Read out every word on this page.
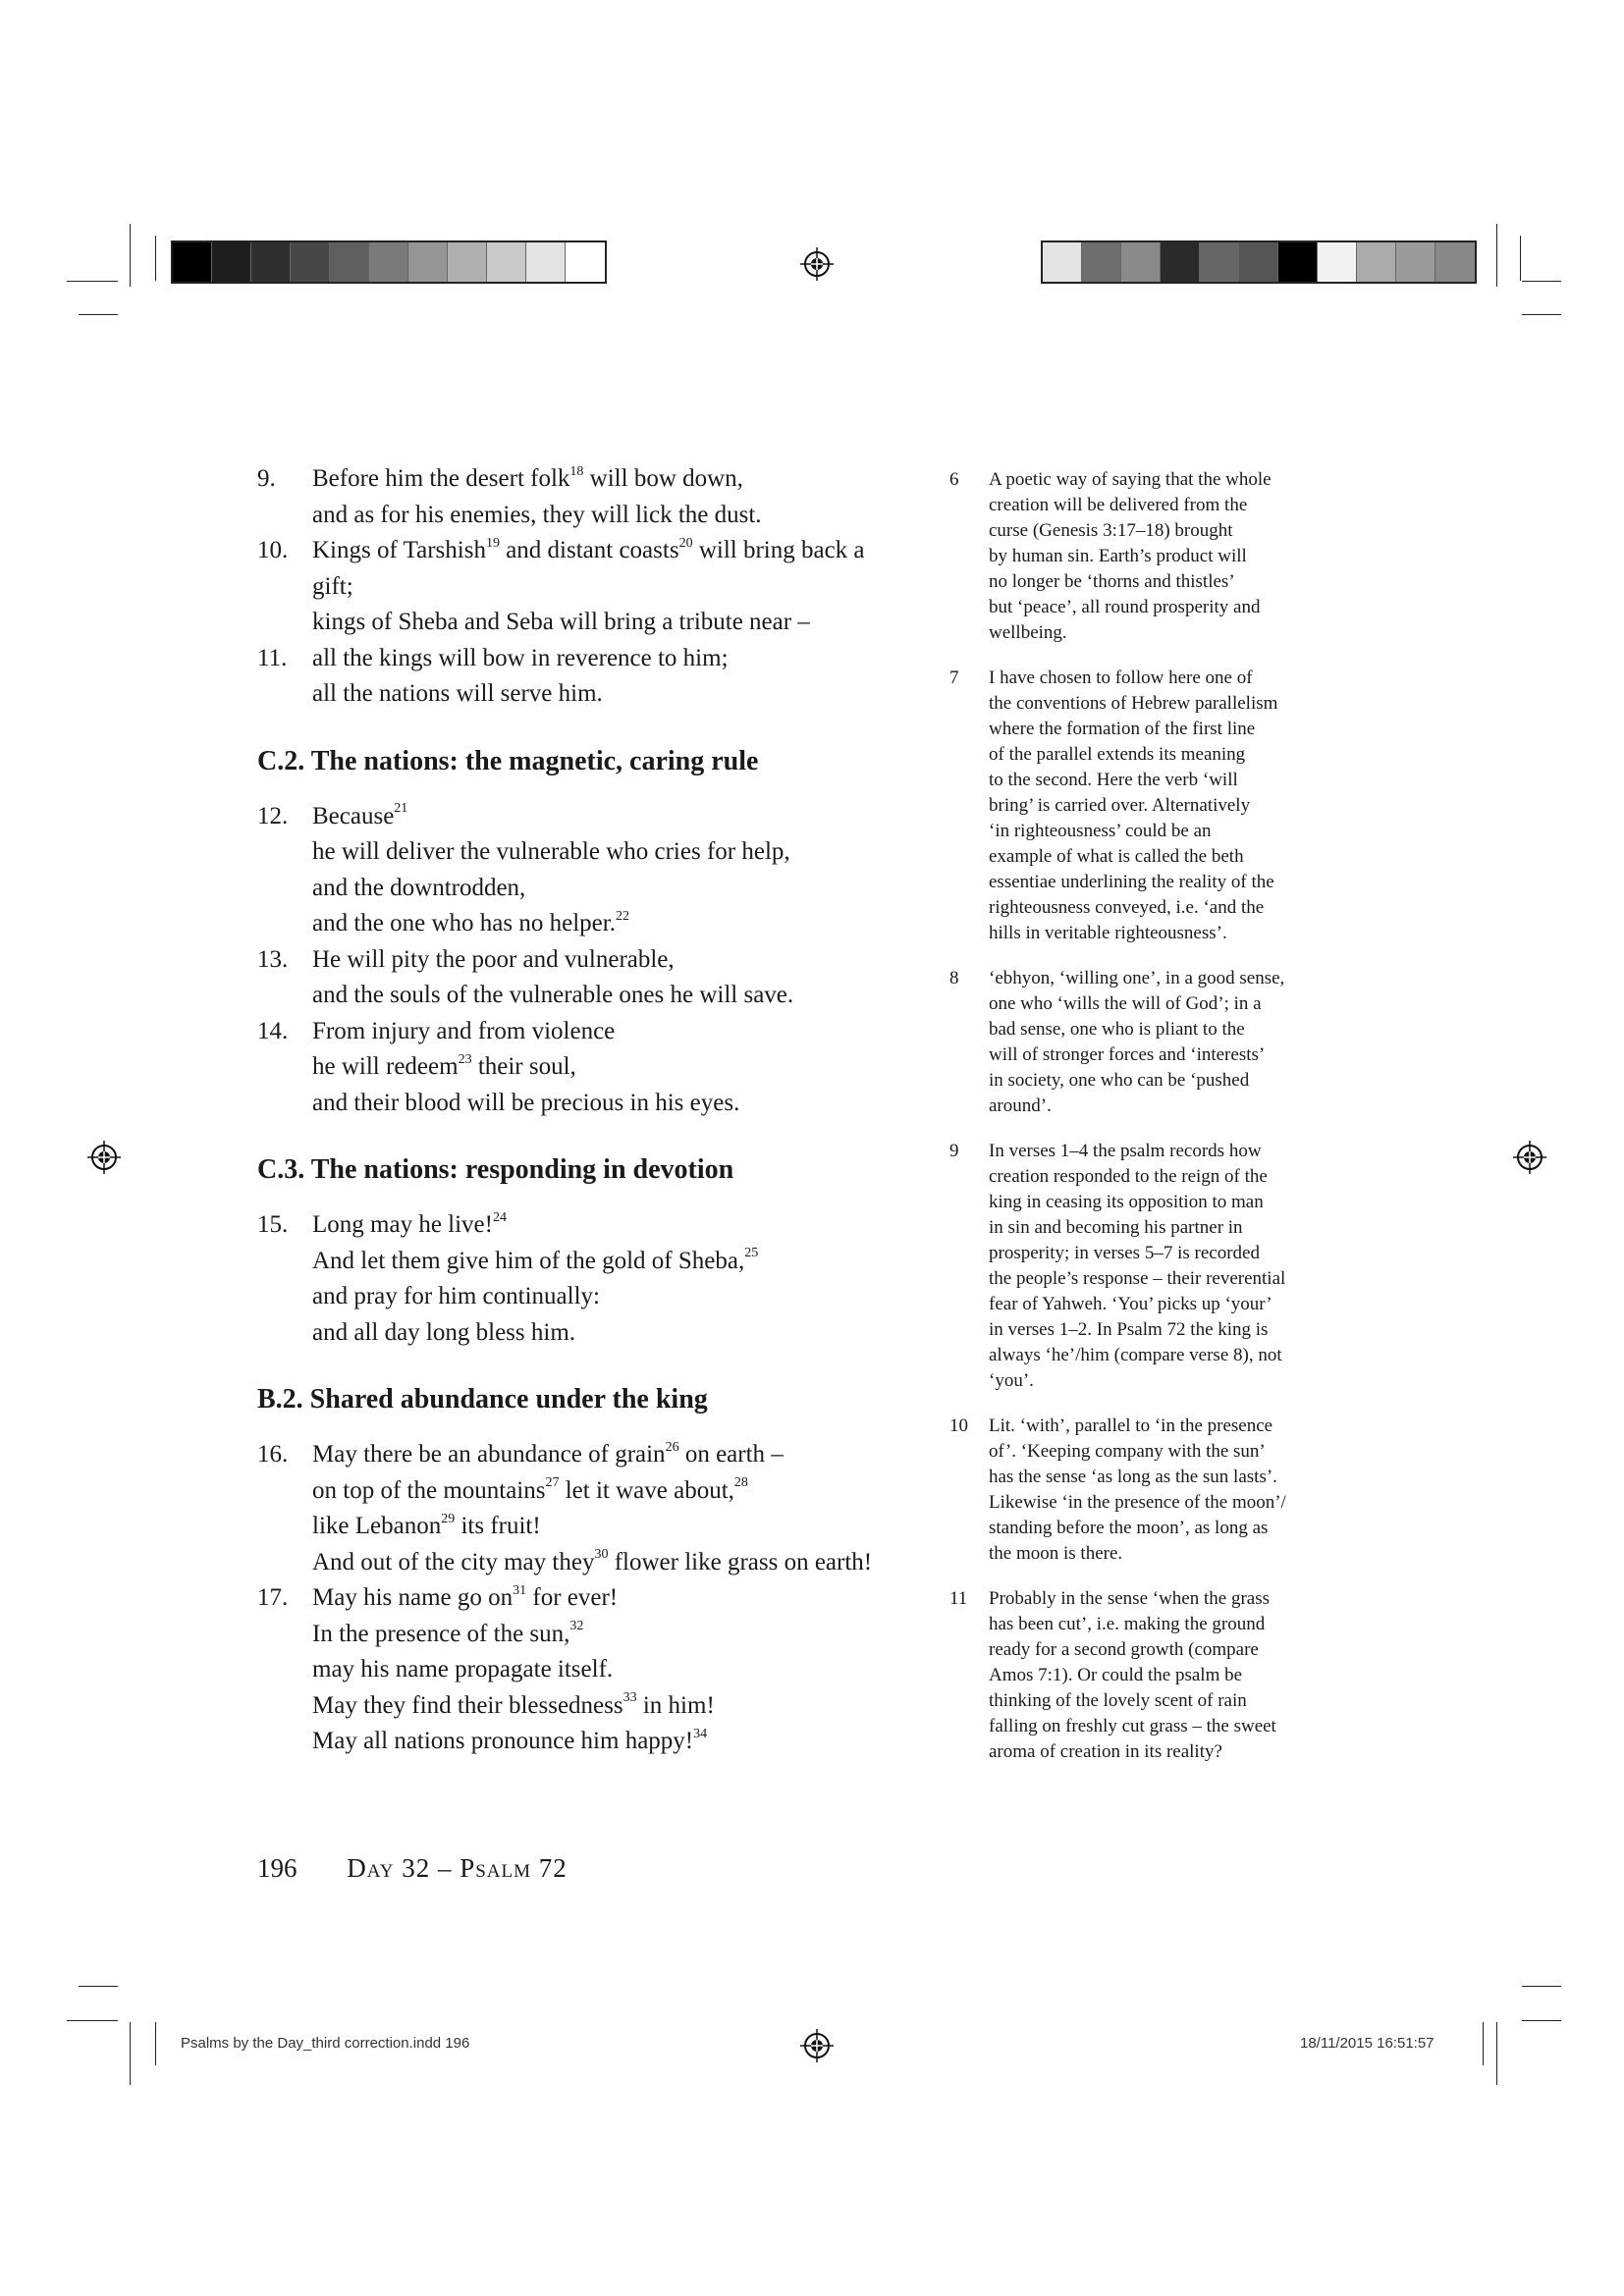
9. Before him the desert folk$^{18}$ will bow down,
and as for his enemies, they will lick the dust.
10. Kings of Tarshish$^{19}$ and distant coasts$^{20}$ will bring back a
gift;
kings of Sheba and Seba will bring a tribute near –
11. all the kings will bow in reverence to him;
all the nations will serve him.
C.2. The nations: the magnetic, caring rule
12. Because$^{21}$
he will deliver the vulnerable who cries for help,
and the downtrodden,
and the one who has no helper.$^{22}$
13. He will pity the poor and vulnerable,
and the souls of the vulnerable ones he will save.
14. From injury and from violence
he will redeem$^{23}$ their soul,
and their blood will be precious in his eyes.
C.3. The nations: responding in devotion
15. Long may he live!$^{24}$
And let them give him of the gold of Sheba,$^{25}$
and pray for him continually:
and all day long bless him.
B.2. Shared abundance under the king
16. May there be an abundance of grain$^{26}$ on earth –
on top of the mountains$^{27}$ let it wave about,$^{28}$
like Lebanon$^{29}$ its fruit!
And out of the city may they$^{30}$ flower like grass on earth!
17. May his name go $on^{31}$ for ever!
In the presence of the sun,$^{32}$
may his name propagate itself.
May they find their blessedness$^{33}$ in him!
May all nations pronounce him happy!$^{34}$
6 A poetic way of saying that the whole
creation will be delivered from the
curse (Genesis 3:17–18) brought
by human sin. Earth’s product will
no longer be ‘thorns and thistles’
but ‘peace’, all round prosperity and
wellbeing.
7 I have chosen to follow here one of
the conventions of Hebrew parallelism
where the formation of the first line
of the parallel extends its meaning
to the second. Here the verb ‘will
bring’ is carried over. Alternatively
‘in righteousness’ could be an
example of what is called the beth
essentiae underlining the reality of the
righteousness conveyed, i.e. ‘and the
hills in veritable righteousness’.
8 ‘ebhyon, ‘willing one’, in a good sense,
one who ‘wills the will of God’; in a
bad sense, one who is pliant to the
will of stronger forces and ‘interests’
in society, one who can be ‘pushed
around’.
9 In verses 1–4 the psalm records how
creation responded to the reign of the
king in ceasing its opposition to man
in sin and becoming his partner in
prosperity; in verses 5–7 is recorded
the people’s response – their reverential
fear of Yahweh. ‘You’ picks up ‘your’
in verses 1–2. In Psalm 72 the king is
always ‘he’/him (compare verse 8), not
‘you’.
10 Lit. ‘with’, parallel to ‘in the presence
of’. ‘Keeping company with the sun’
has the sense ‘as long as the sun lasts’.
Likewise ‘in the presence of the moon’/
standing before the moon’, as long as
the moon is there.
11 Probably in the sense ‘when the grass
has been cut’, i.e. making the ground
ready for a second growth (compare
Amos 7:1). Or could the psalm be
thinking of the lovely scent of rain
falling on freshly cut grass – the sweet
aroma of creation in its reality?
196 Day 32 – Psalm 72
Psalms by the Day_third correction.indd 196	18/11/2015 16:51:57
